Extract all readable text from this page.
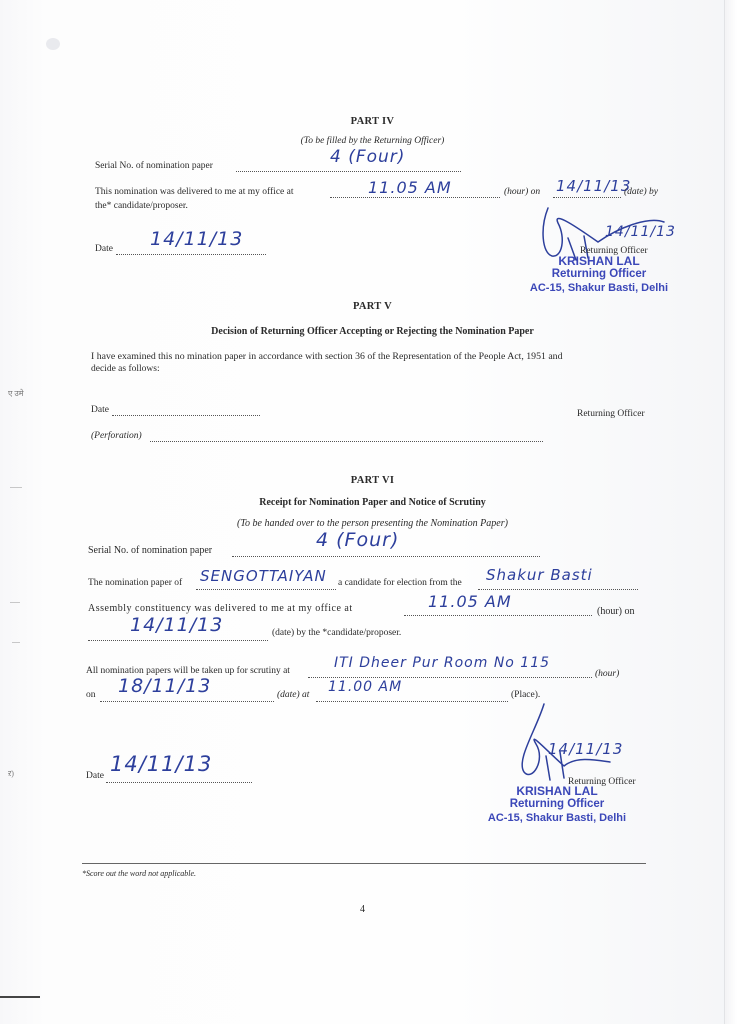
ए उमे
......
.....
....
ऱ)
PART IV
(To be filled by the Returning Officer)
Serial No. of nomination paper	4 (Four)
This nomination was delivered to me at my office at	11.05 AM	(hour) on 14/11/13
(date) by
the* candidate/proposer.
Date 14/11/13	14/11/13
Returning Officer
KRISHAN LAL
Returning Officer
AC-15, Shakur Basti, Delhi
PART V
Decision of Returning Officer Accepting or Rejecting the Nomination Paper
I have examined this no mination paper in accordance with section 36 of the Representation of the People Act, 1951 and
decide as follows:
Date	Returning Officer
(Perforation)
PART VI
Receipt for Nomination Paper and Notice of Scrutiny
(To be handed over to the person presenting the Nomination Paper)
Serial No. of nomination paper	4 (Four)
The nomination paper of SENGOTTAIYAN a candidate for election from the Shakur Basti
Assembly constituency was delivered to me at my office at	11.05 AM
(hour) on
14/11/13	(date) by the *candidate/proposer.
All nomination papers will be taken up for scrutiny at	ITI Dheer Pur Room No 115
(hour)
on 18/11/13	(date) at 11.00 AM	(Place).
Date 14/11/13
14/11/13
Returning Officer
KRISHAN LAL
Returning Officer
AC-15, Shakur Basti, Delhi
*Score out the word not applicable.
4
